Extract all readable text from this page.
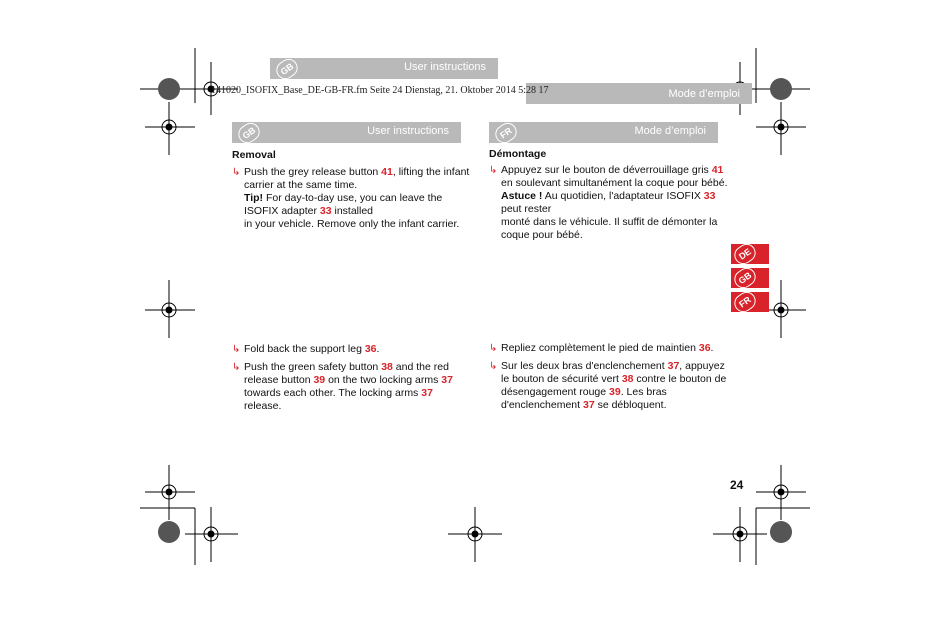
GB	User instructions
Mode d’emploi
141020_ISOFIX_Base_DE-GB-FR.fm Seite 24 Dienstag, 21. Oktober 2014 5:28 17
GB	User instructions	FR	Mode d’emploi
Removal
↳ Push the grey release button 41, lifting the infant carrier at the same time.
Tip! For day-to-day use, you can leave the ISOFIX adapter 33 installed
in your vehicle. Remove only the infant carrier.
↳ Fold back the support leg 36.
↳ Push the green safety button 38 and the red release button 39 on the two locking arms 37 towards each other. The locking arms 37 release.
Démontage
↳ Appuyez sur le bouton de déverrouillage gris 41 en soulevant simultanément la coque pour bébé.
Astuce ! Au quotidien, l'adaptateur ISOFIX 33 peut rester
monté dans le véhicule. Il suffit de démonter la coque pour bébé.
↳ Repliez complètement le pied de maintien 36.
↳ Sur les deux bras d'enclenchement 37, appuyez le bouton de sécurité vert 38 contre le bouton de désengagement rouge 39. Les bras d'enclenchement 37 se débloquent.
DE
GB
FR
24
